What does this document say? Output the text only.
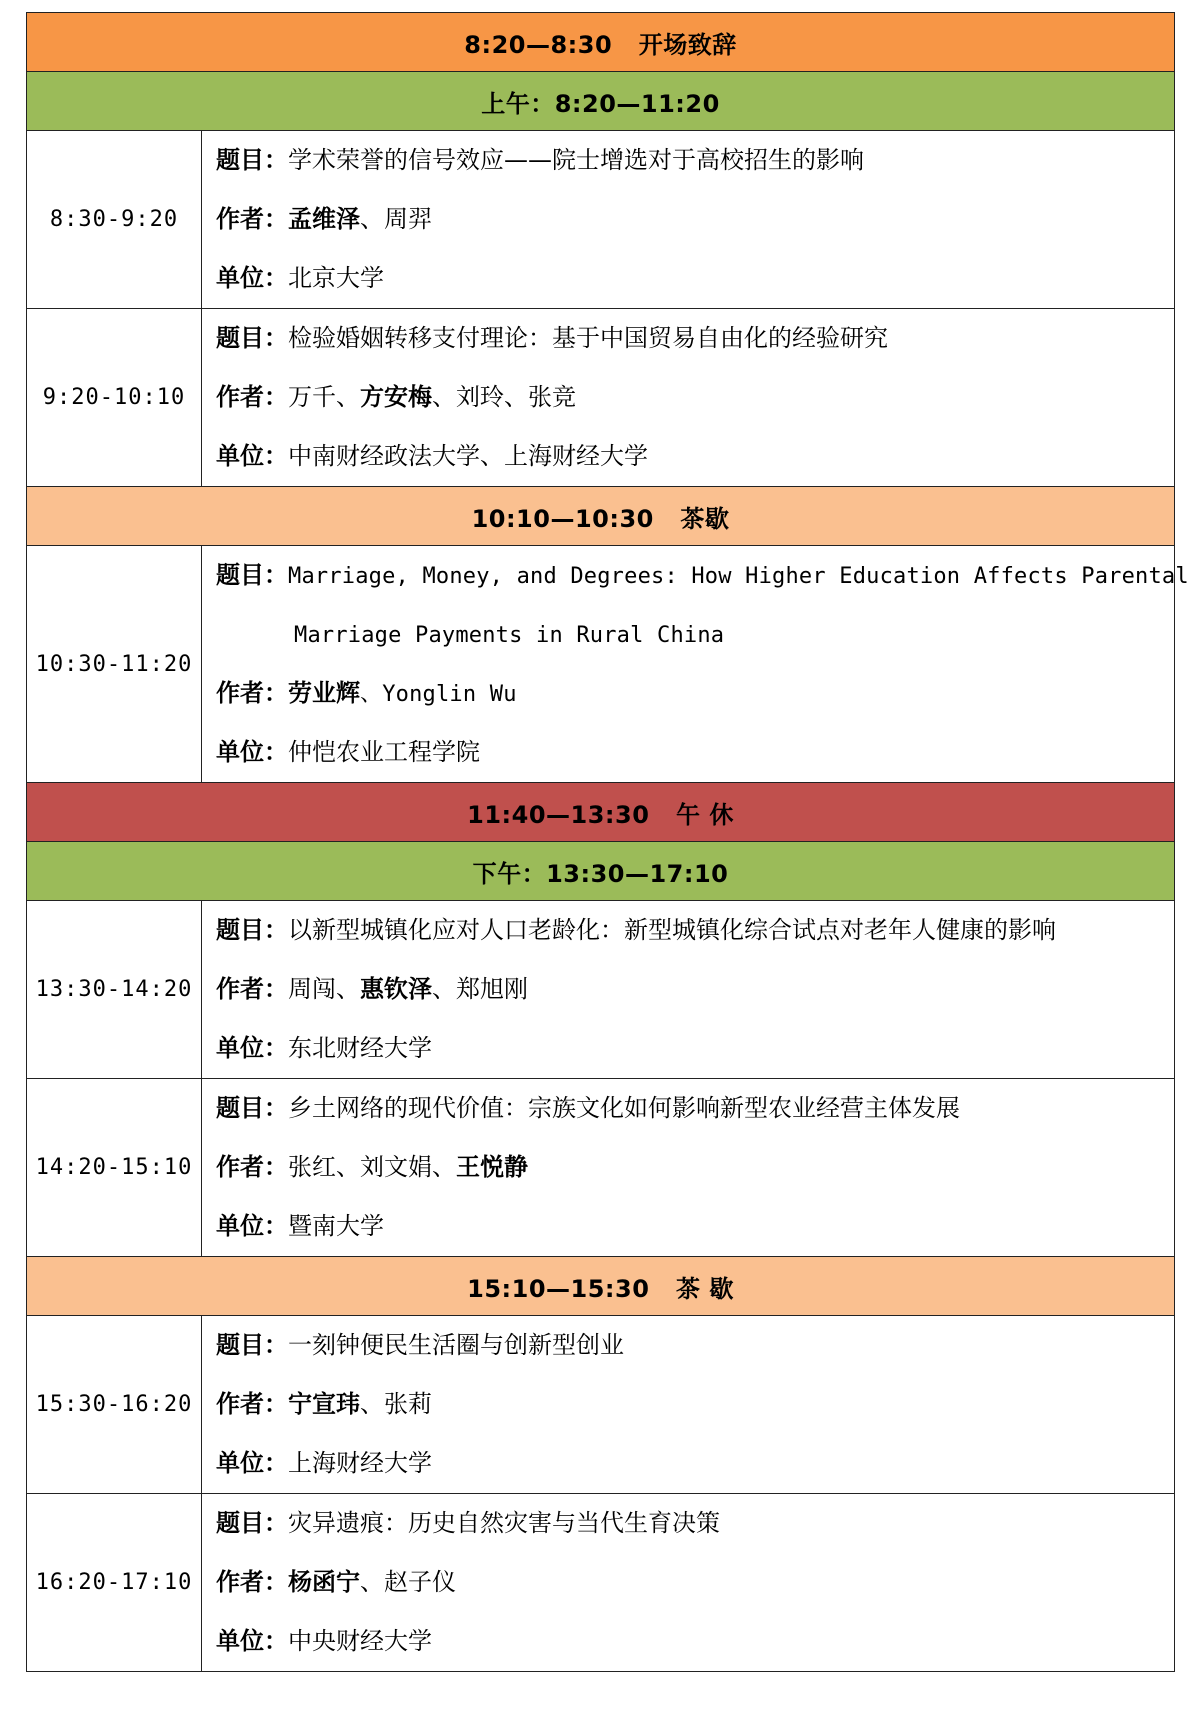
8:20—8:30   开场致辞	
上午：8:20—11:20	
8:30-9:20	题目：学术荣誉的信号效应——院士增选对于高校招生的影响
作者：孟维泽、周羿
单位：北京大学

9:20-10:10	题目：检验婚姻转移支付理论：基于中国贸易自由化的经验研究
作者：万千、方安梅、刘玲、张竞
单位：中南财经政法大学、上海财经大学

10:10—10:30   茶歇	
10:30-11:20	题目：Marriage, Money, and Degrees: How Higher Education Affects Parental
Marriage Payments in Rural China
作者：劳业辉、Yonglin Wu
单位：仲恺农业工程学院

11:40—13:30   午 休	
下午：13:30—17:10	
13:30-14:20	题目：以新型城镇化应对人口老龄化：新型城镇化综合试点对老年人健康的影响
作者：周闯、惠钦泽、郑旭刚
单位：东北财经大学

14:20-15:10	题目：乡土网络的现代价值：宗族文化如何影响新型农业经营主体发展
作者：张红、刘文娟、王悦静
单位：暨南大学

15:10—15:30   茶 歇	
15:30-16:20	题目：一刻钟便民生活圈与创新型创业
作者：宁宣玮、张莉
单位：上海财经大学

16:20-17:10	题目：灾异遗痕：历史自然灾害与当代生育决策
作者：杨函宁、赵子仪
单位：中央财经大学
